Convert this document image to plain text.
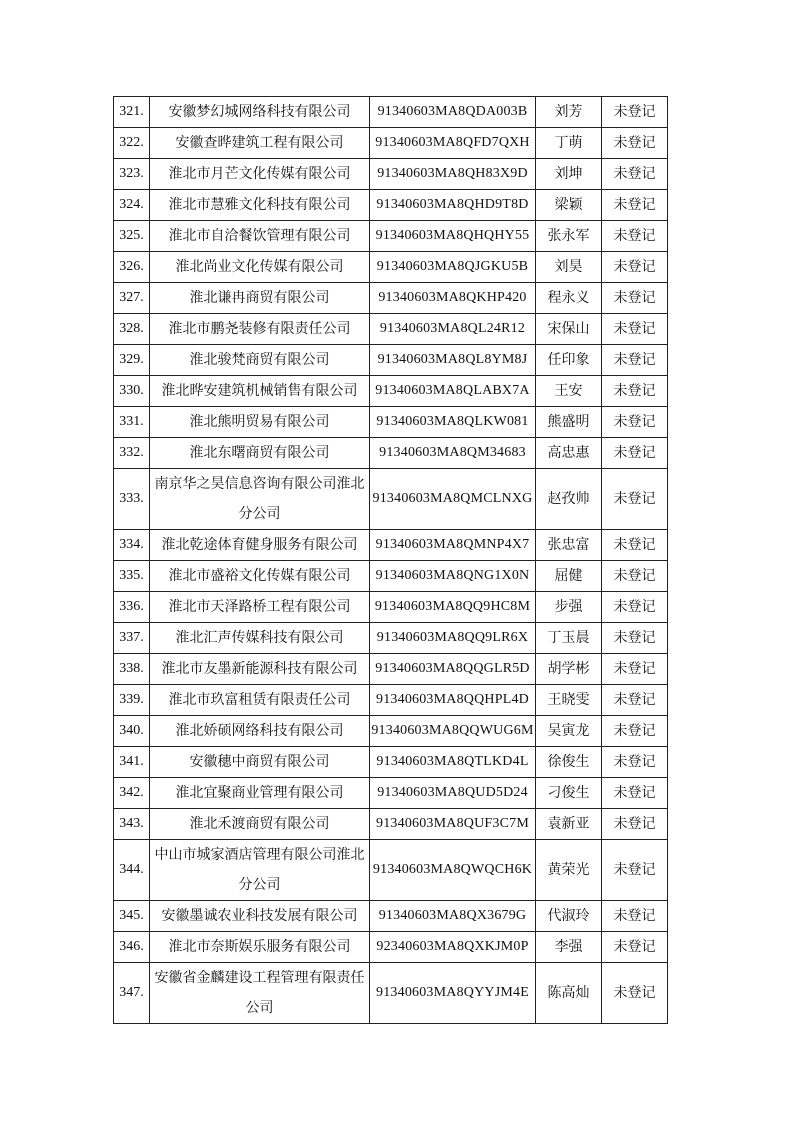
321.	安徽梦幻城网络科技有限公司	91340603MA8QDA003B	刘芳	未登记

322.	安徽查晔建筑工程有限公司	91340603MA8QFD7QXH	丁萌	未登记

323.	淮北市月芒文化传媒有限公司	91340603MA8QH83X9D	刘坤	未登记

324.	淮北市慧雅文化科技有限公司	91340603MA8QHD9T8D	梁颖	未登记

325.	淮北市自洽餐饮管理有限公司	91340603MA8QHQHY55	张永军	未登记

326.	淮北尚业文化传媒有限公司	91340603MA8QJGKU5B	刘昊	未登记

327.	淮北谦冉商贸有限公司	91340603MA8QKHP420	程永义	未登记

328.	淮北市鹏尧装修有限责任公司	91340603MA8QL24R12	宋保山	未登记

329.	淮北骏梵商贸有限公司	91340603MA8QL8YM8J	任印象	未登记

330.	淮北晔安建筑机械销售有限公司	91340603MA8QLABX7A	王安	未登记

331.	淮北熊明贸易有限公司	91340603MA8QLKW081	熊盛明	未登记

332.	淮北东曙商贸有限公司	91340603MA8QM34683	高忠惠	未登记

333.	南京华之昊信息咨询有限公司淮北分公司	91340603MA8QMCLNXG	赵孜帅	未登记

334.	淮北乾途体育健身服务有限公司	91340603MA8QMNP4X7	张忠富	未登记

335.	淮北市盛裕文化传媒有限公司	91340603MA8QNG1X0N	屈健	未登记

336.	淮北市天泽路桥工程有限公司	91340603MA8QQ9HC8M	步强	未登记

337.	淮北汇声传媒科技有限公司	91340603MA8QQ9LR6X	丁玉晨	未登记

338.	淮北市友墨新能源科技有限公司	91340603MA8QQGLR5D	胡学彬	未登记

339.	淮北市玖富租赁有限责任公司	91340603MA8QQHPL4D	王晓雯	未登记

340.	淮北娇硕网络科技有限公司	91340603MA8QQWUG6M	吴寅龙	未登记

341.	安徽穗中商贸有限公司	91340603MA8QTLKD4L	徐俊生	未登记

342.	淮北宜聚商业管理有限公司	91340603MA8QUD5D24	刁俊生	未登记

343.	淮北禾渡商贸有限公司	91340603MA8QUF3C7M	袁新亚	未登记

344.	中山市城家酒店管理有限公司淮北分公司	91340603MA8QWQCH6K	黄荣光	未登记

345.	安徽墨诚农业科技发展有限公司	91340603MA8QX3679G	代淑玲	未登记

346.	淮北市奈斯娱乐服务有限公司	92340603MA8QXKJM0P	李强	未登记

347.	安徽省金麟建设工程管理有限责任公司	91340603MA8QYYJM4E	陈高灿	未登记
